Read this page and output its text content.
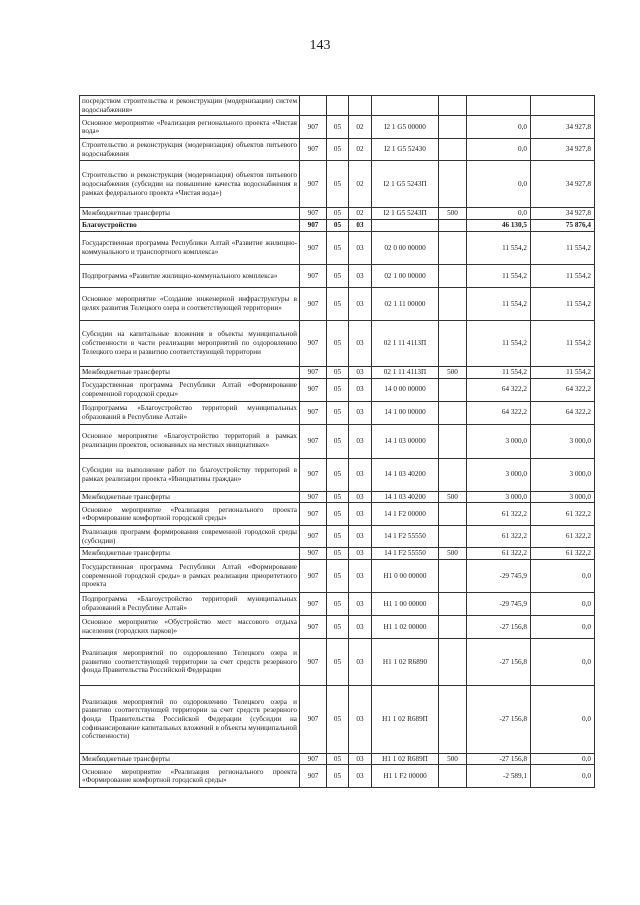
143
посредством строительства и реконструкции (модернизации) систем водоснабжения»							
Основное мероприятие «Реализация регионального проекта «Чистая вода»	907	05	02	I2 1 G5 00000		0,0	34 927,8
Строительство и реконструкция (модернизация) объектов питьевого водоснабжения	907	05	02	I2 1 G5 52430		0,0	34 927,8
Строительство и реконструкция (модернизация) объектов питьевого водоснабжения (субсидии на повышение качества водоснабжения в рамках федерального проекта «Чистая вода»)	907	05	02	I2 1 G5 5243П		0,0	34 927,8
Межбюджетные трансферты	907	05	02	I2 1 G5 5243П	500	0,0	34 927,8
Благоустройство	907	05	03			46 130,5	75 876,4
Государственная программа Республики Алтай «Развитие жилищно-коммунального и транспортного комплекса»	907	05	03	02 0 00 00000		11 554,2	11 554,2
Подпрограмма «Развитие жилищно-коммунального комплекса»	907	05	03	02 1 00 00000		11 554,2	11 554,2
Основное мероприятие «Создание инженерной инфраструктуры в целях развития Телецкого озера и соответствующей территории»	907	05	03	02 1 11 00000		11 554,2	11 554,2
Субсидии на капитальные вложения в объекты муниципальной собственности в части реализации мероприятий по оздоровлению Телецкого озера и развитию соответствующей территории	907	05	03	02 1 11 4113П		11 554,2	11 554,2
Межбюджетные трансферты	907	05	03	02 1 11 4113П	500	11 554,2	11 554,2
Государственная программа Республики Алтай «Формирование современной городской среды»	907	05	03	14 0 00 00000		64 322,2	64 322,2
Подпрограмма «Благоустройство территорий муниципальных образований в Республике Алтай»	907	05	03	14 1 00 00000		64 322,2	64 322,2
Основное мероприятие «Благоустройство территорий в рамках реализации проектов, основанных на местных инициативах»	907	05	03	14 1 03 00000		3 000,0	3 000,0
Субсидии на выполнение работ по благоустройству территорий в рамках реализации проекта «Инициативы граждан»	907	05	03	14 1 03 40200		3 000,0	3 000,0
Межбюджетные трансферты	907	05	03	14 1 03 40200	500	3 000,0	3 000,0
Основное мероприятие «Реализация регионального проекта «Формирование комфортной городской среды»	907	05	03	14 1 F2 00000		61 322,2	61 322,2
Реализация программ формирования современной городской среды (субсидии)	907	05	03	14 1 F2 55550		61 322,2	61 322,2
Межбюджетные трансферты	907	05	03	14 1 F2 55550	500	61 322,2	61 322,2
Государственная программа Республики Алтай «Формирование современной городской среды» в рамках реализации приоритетного проекта	907	05	03	H1 0 00 00000		-29 745,9	0,0
Подпрограмма «Благоустройство территорий муниципальных образований в Республике Алтай»	907	05	03	H1 1 00 00000		-29 745,9	0,0
Основное мероприятие «Обустройство мест массового отдыха населения (городских парков)»	907	05	03	H1 1 02 00000		-27 156,8	0,0
Реализация мероприятий по оздоровлению Телецкого озера и развитию соответствующей территории за счет средств резервного фонда Правительства Российской Федерации	907	05	03	H1 1 02 R6890		-27 156,8	0,0
Реализация мероприятий по оздоровлению Телецкого озера и развитию соответствующей территории за счет средств резервного фонда Правительства Российской Федерации (субсидии на софинансирование капитальных вложений в объекты муниципальной собственности)	907	05	03	H1 1 02 R689П		-27 156,8	0,0
Межбюджетные трансферты	907	05	03	H1 1 02 R689П	500	-27 156,8	0,0
Основное мероприятие «Реализация регионального проекта «Формирование комфортной городской среды»	907	05	03	H1 1 F2 00000		-2 589,1	0,0
